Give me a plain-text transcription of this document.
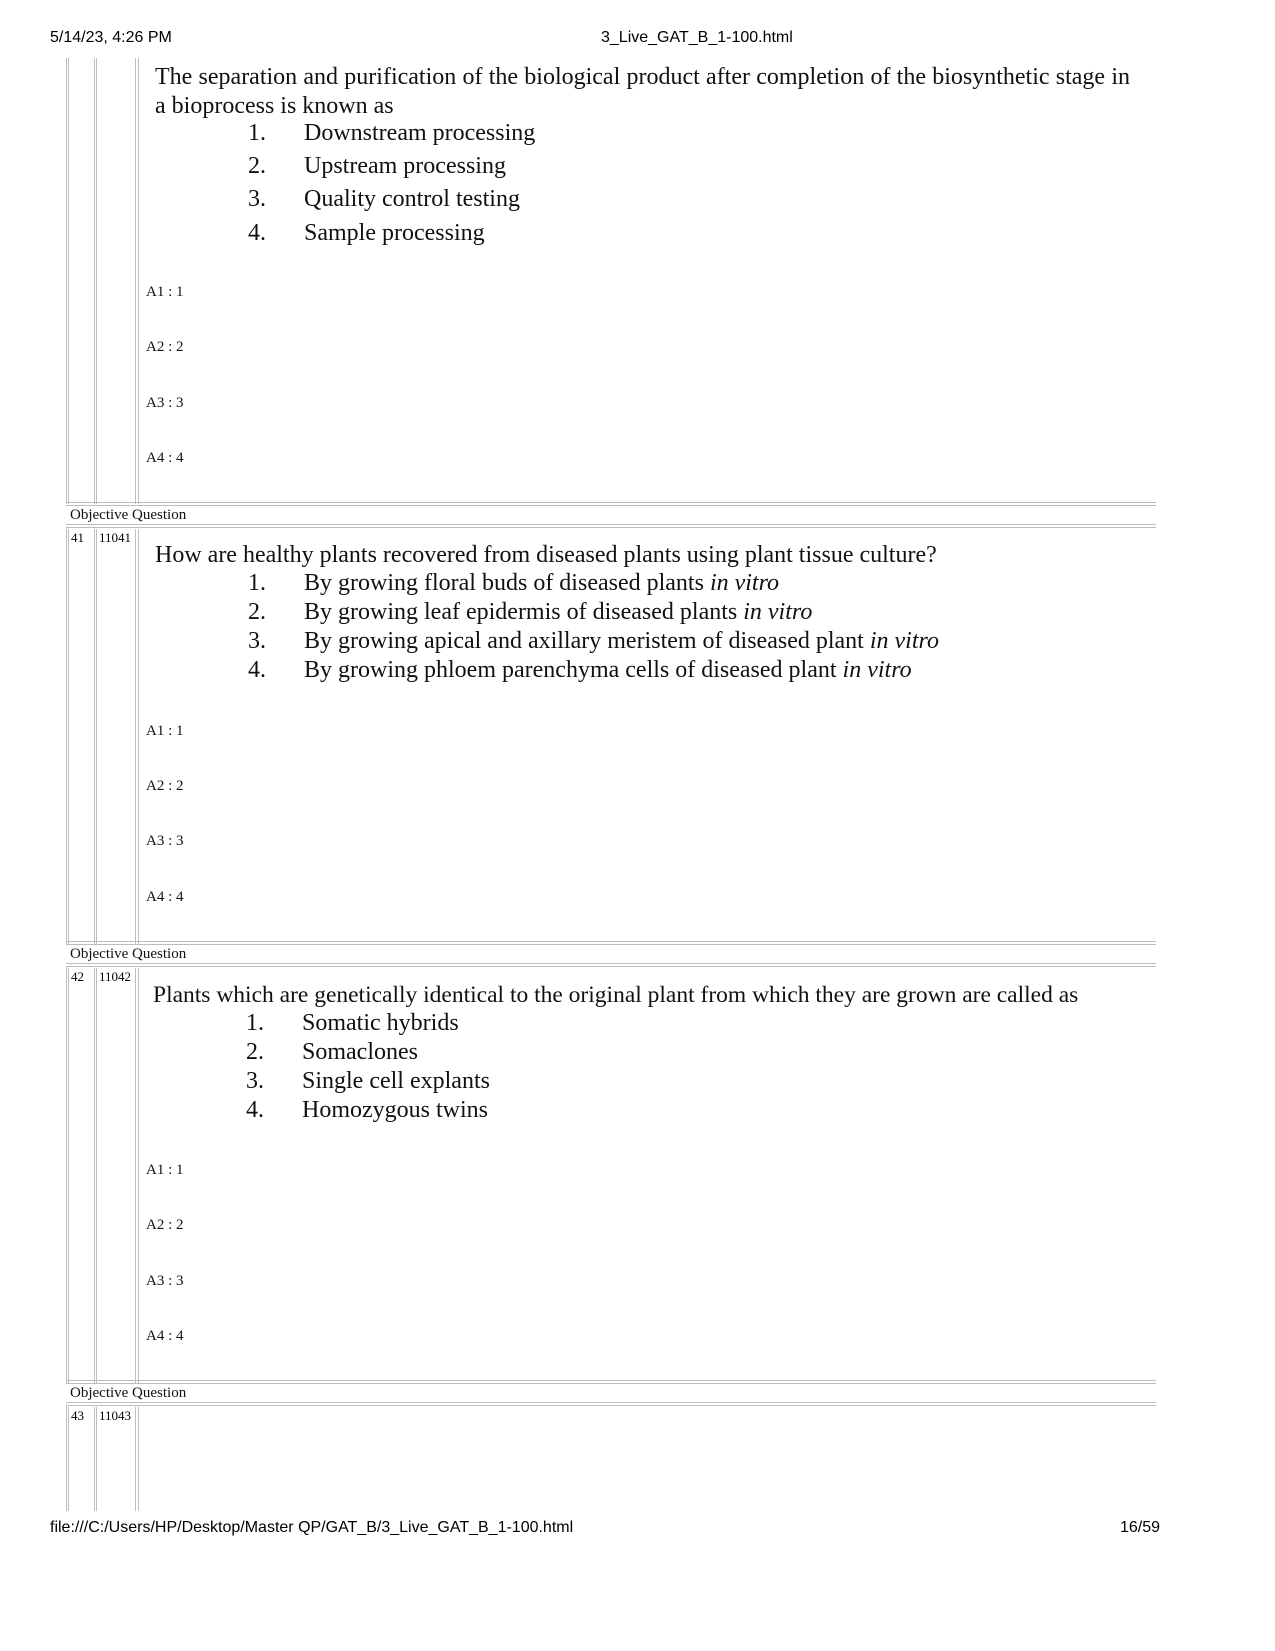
5/14/23, 4:26 PM	3_Live_GAT_B_1-100.html
The separation and purification of the biological product after completion of the biosynthetic stage in a bioprocess is known as
1. Downstream processing
2. Upstream processing
3. Quality control testing
4. Sample processing
A1 : 1
A2 : 2
A3 : 3
A4 : 4
Objective Question
41 11041
How are healthy plants recovered from diseased plants using plant tissue culture?
1. By growing floral buds of diseased plants in vitro
2. By growing leaf epidermis of diseased plants in vitro
3. By growing apical and axillary meristem of diseased plant in vitro
4. By growing phloem parenchyma cells of diseased plant in vitro
A1 : 1
A2 : 2
A3 : 3
A4 : 4
Objective Question
42 11042
Plants which are genetically identical to the original plant from which they are grown are called as
1. Somatic hybrids
2. Somaclones
3. Single cell explants
4. Homozygous twins
A1 : 1
A2 : 2
A3 : 3
A4 : 4
Objective Question
43 11043
file:///C:/Users/HP/Desktop/Master QP/GAT_B/3_Live_GAT_B_1-100.html	16/59
